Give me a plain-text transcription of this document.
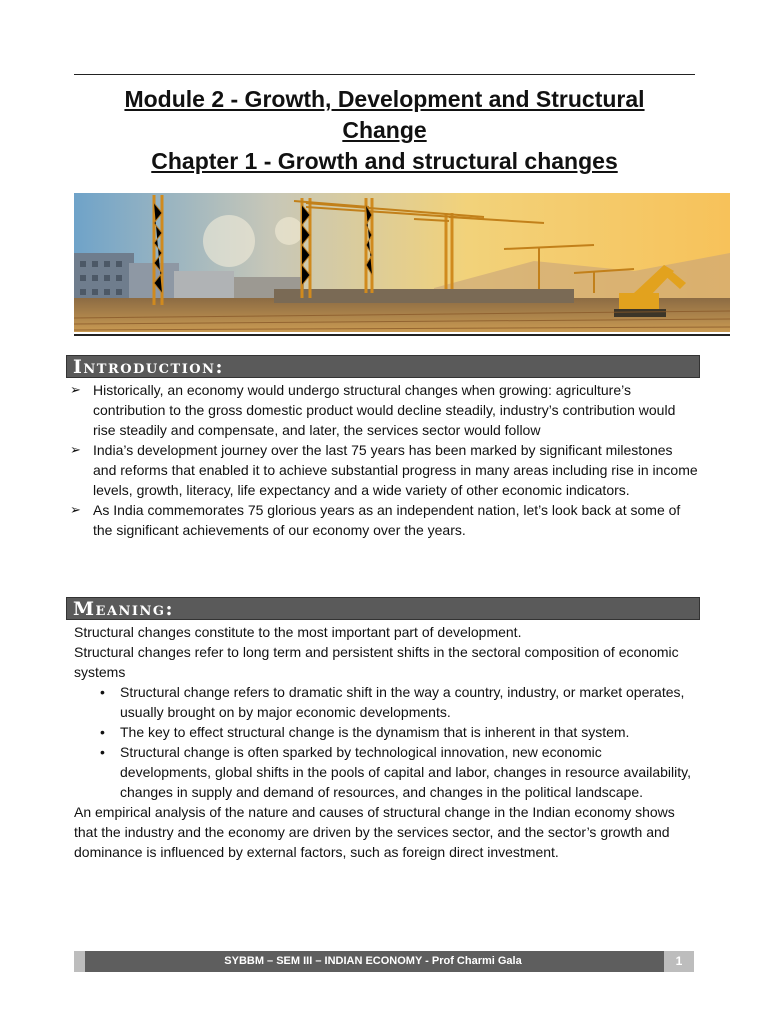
Module 2 - Growth, Development and Structural
Change
Chapter 1 - Growth and structural changes
Introduction:
➢ Historically, an economy would undergo structural changes when growing: agriculture’s contribution to the gross domestic product would decline steadily, industry’s contribution would rise steadily and compensate, and later, the services sector would follow
➢ India’s development journey over the last 75 years has been marked by significant milestones and reforms that enabled it to achieve substantial progress in many areas including rise in income levels, growth, literacy, life expectancy and a wide variety of other economic indicators.
➢ As India commemorates 75 glorious years as an independent nation, let’s look back at some of the significant achievements of our economy over the years.
Meaning:
Structural changes constitute to the most important part of development.
Structural changes refer to long term and persistent shifts in the sectoral composition of economic systems
• Structural change refers to dramatic shift in the way a country, industry, or market operates, usually brought on by major economic developments.
• The key to effect structural change is the dynamism that is inherent in that system.
• Structural change is often sparked by technological innovation, new economic developments, global shifts in the pools of capital and labor, changes in resource availability, changes in supply and demand of resources, and changes in the political landscape.
An empirical analysis of the nature and causes of structural change in the Indian economy shows that the industry and the economy are driven by the services sector, and the sector’s growth and dominance is influenced by external factors, such as foreign direct investment.
SYBBM – SEM III – INDIAN ECONOMY - Prof Charmi Gala	1
